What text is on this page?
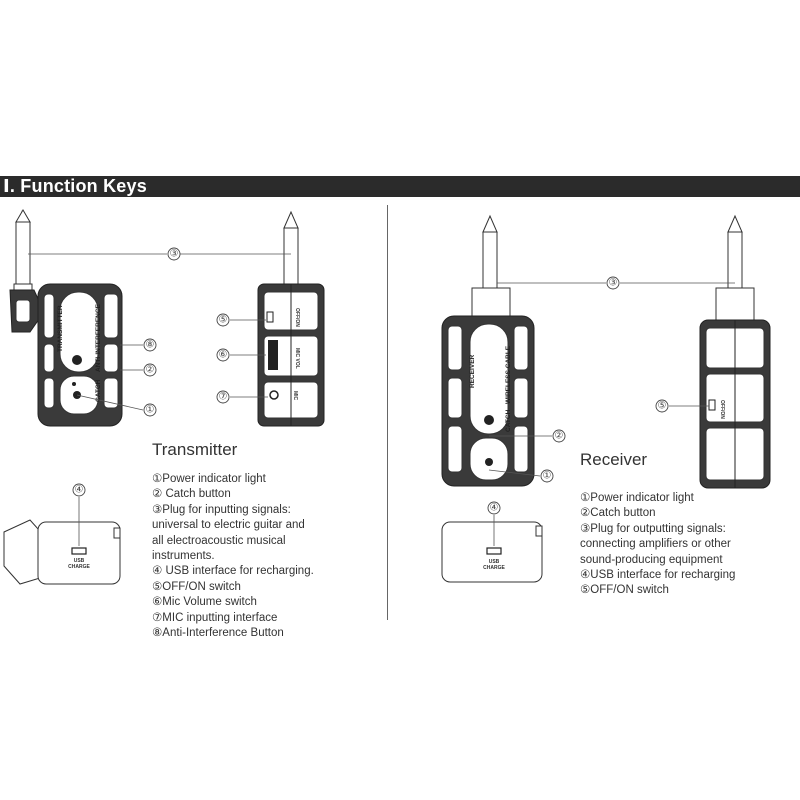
Ⅰ. Function Keys
TRANSMITTER	ANTI-INTERFERENCE
CATCH
⑧
②
①
OFF/ON
MIC VOL
MIC
③
⑤
⑥
⑦
USB
CHARGE
④
RECEIVER	WIRELESS CABLE
CATCH
OFF/ON
③
②
①
⑤
USB
CHARGE
④
Transmitter
①Power indicator light
② Catch button
③Plug for inputting signals:
universal to electric guitar and
all electroacoustic musical
instruments.
④ USB interface for recharging.
⑤OFF/ON switch
⑥Mic Volume switch
⑦MIC inputting interface
⑧Anti-Interference Button
Receiver
①Power indicator light
②Catch button
③Plug for outputting signals:
connecting amplifiers or other
sound-producing equipment
④USB interface for recharging
⑤OFF/ON switch
